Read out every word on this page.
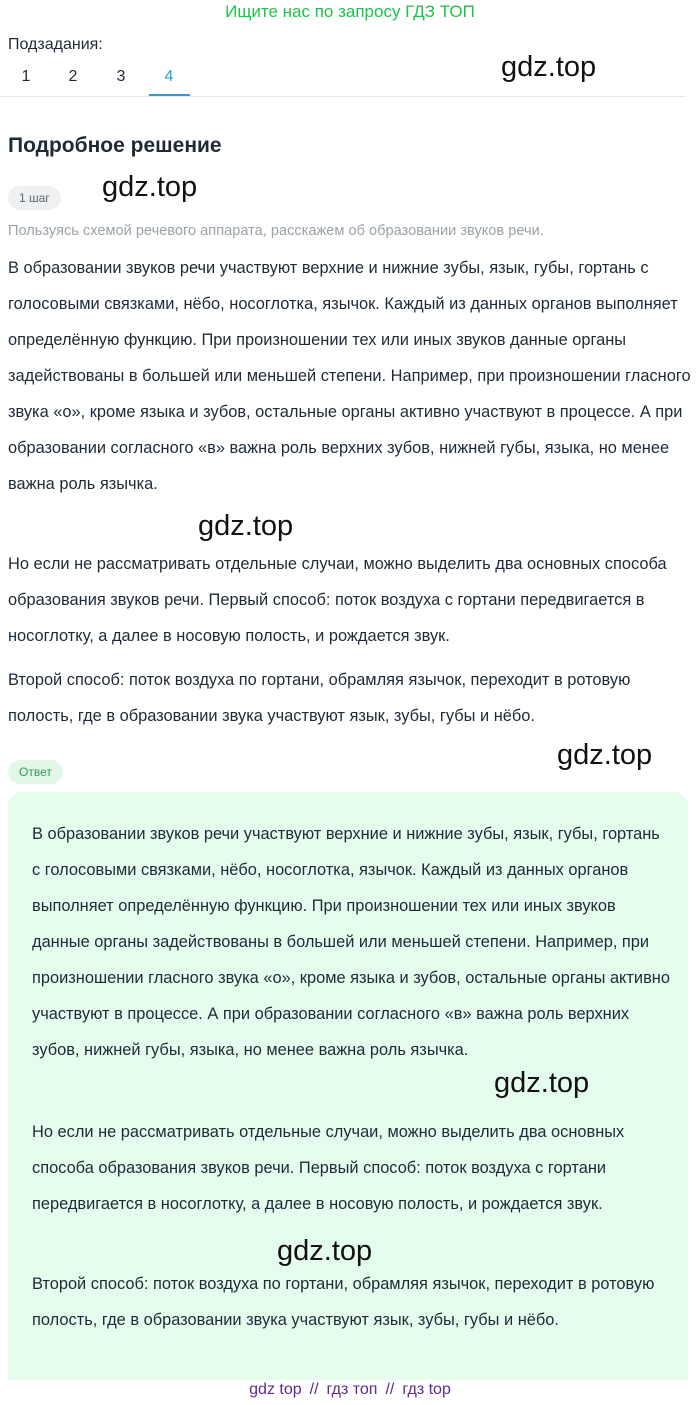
Ищите нас по запросу ГДЗ ТОП
Подзадания:
1	2	3	4	gdz.top
Подробное решение
1 шаг	gdz.top
Пользуясь схемой речевого аппарата, расскажем об образовании звуков речи.
В образовании звуков речи участвуют верхние и нижние зубы, язык, губы, гортань с голосовыми связками, нёбо, носоглотка, язычок. Каждый из данных органов выполняет определённую функцию. При произношении тех или иных звуков данные органы задействованы в большей или меньшей степени. Например, при произношении гласного звука «о», кроме языка и зубов, остальные органы активно участвуют в процессе. А при образовании согласного «в» важна роль верхних зубов, нижней губы, языка, но менее важна роль язычка.
gdz.top
Но если не рассматривать отдельные случаи, можно выделить два основных способа образования звуков речи. Первый способ: поток воздуха с гортани передвигается в носоглотку, а далее в носовую полость, и рождается звук.
Второй способ: поток воздуха по гортани, обрамляя язычок, переходит в ротовую полость, где в образовании звука участвуют язык, зубы, губы и нёбо.
gdz.top
Ответ
В образовании звуков речи участвуют верхние и нижние зубы, язык, губы, гортань с голосовыми связками, нёбо, носоглотка, язычок. Каждый из данных органов выполняет определённую функцию. При произношении тех или иных звуков данные органы задействованы в большей или меньшей степени. Например, при произношении гласного звука «о», кроме языка и зубов, остальные органы активно участвуют в процессе. А при образовании согласного «в» важна роль верхних зубов, нижней губы, языка, но менее важна роль язычка.
gdz.top
Но если не рассматривать отдельные случаи, можно выделить два основных способа образования звуков речи. Первый способ: поток воздуха с гортани передвигается в носоглотку, а далее в носовую полость, и рождается звук.
gdz.top
Второй способ: поток воздуха по гортани, обрамляя язычок, переходит в ротовую полость, где в образовании звука участвуют язык, зубы, губы и нёбо.
gdz top // гдз топ // гдз top
